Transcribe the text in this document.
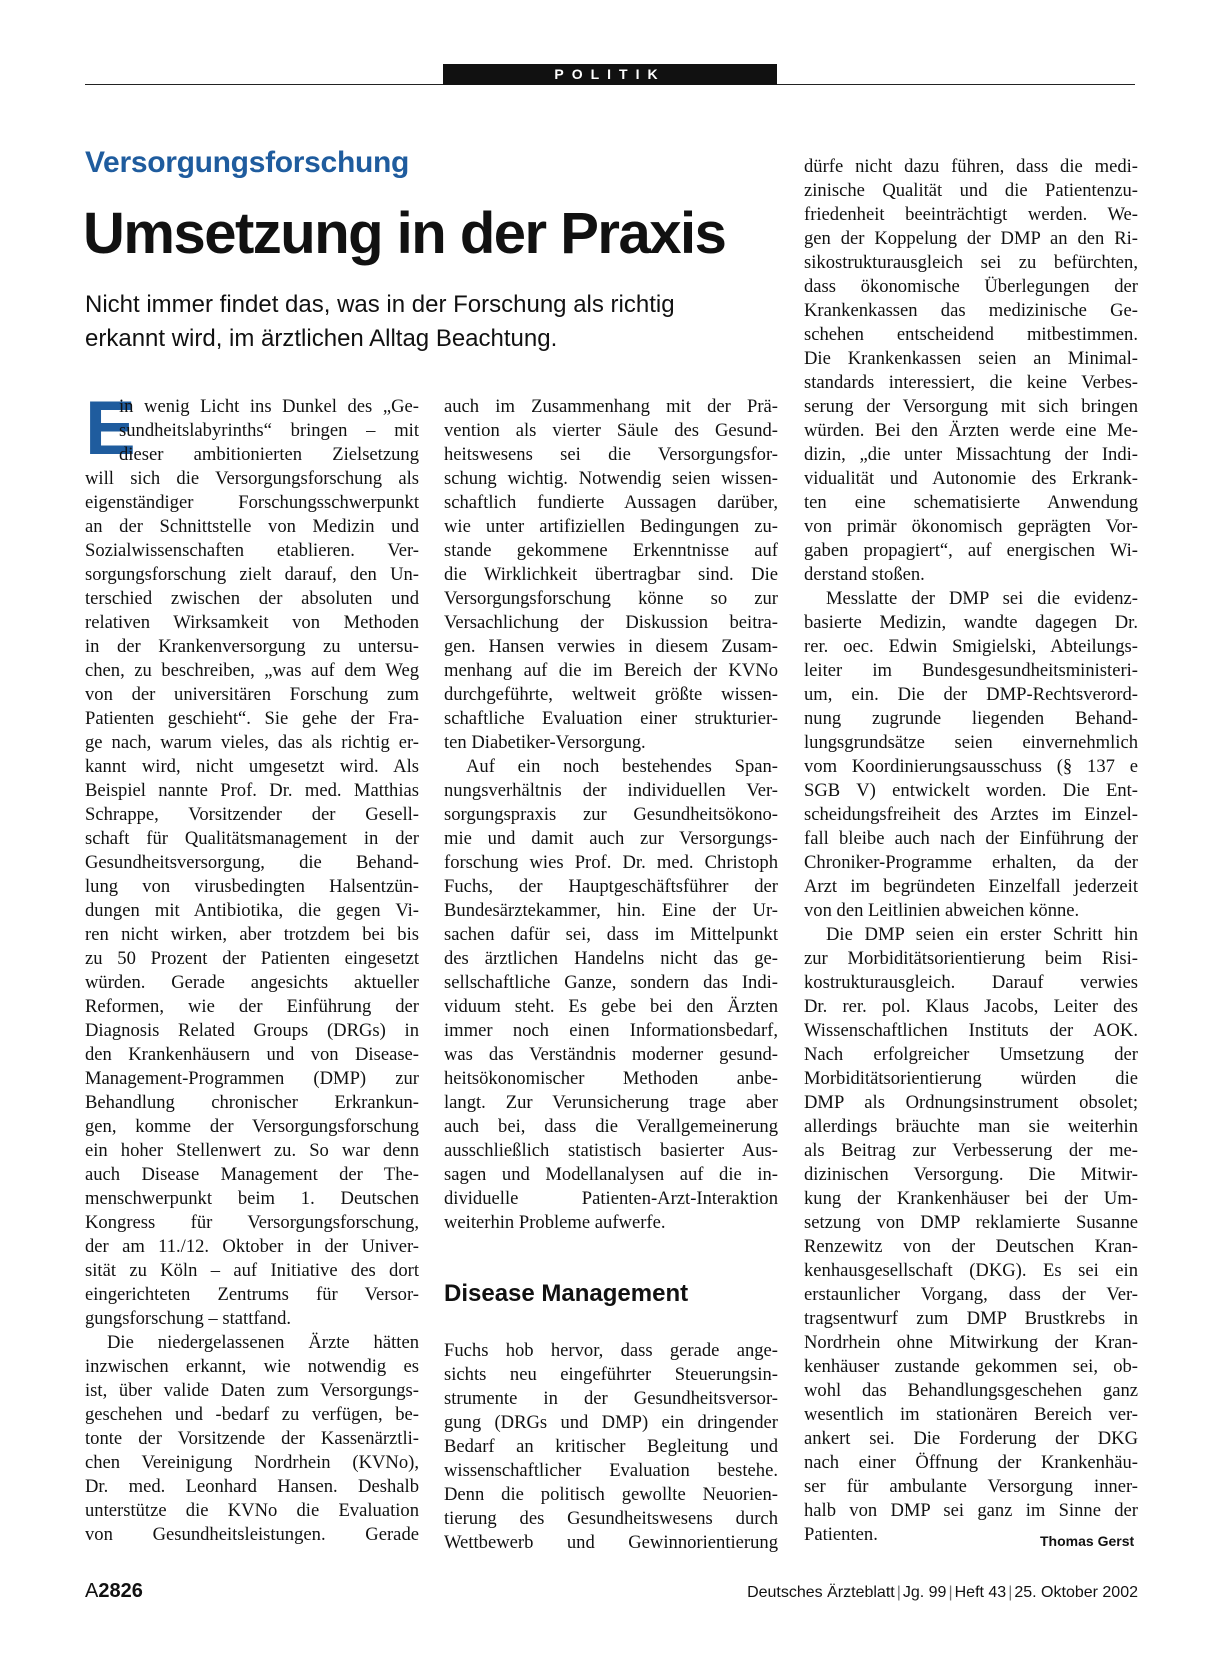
POLITIK
Versorgungsforschung
Umsetzung in der Praxis
Nicht immer findet das, was in der Forschung als richtig
erkannt wird, im ärztlichen Alltag Beachtung.
E
in wenig Licht ins Dunkel des „Ge-
sundheitslabyrinths“ bringen – mit
dieser ambitionierten Zielsetzung
will sich die Versorgungsforschung als
eigenständiger Forschungsschwerpunkt
an der Schnittstelle von Medizin und
Sozialwissenschaften etablieren. Ver-
sorgungsforschung zielt darauf, den Un-
terschied zwischen der absoluten und
relativen Wirksamkeit von Methoden
in der Krankenversorgung zu untersu-
chen, zu beschreiben, „was auf dem Weg
von der universitären Forschung zum
Patienten geschieht“. Sie gehe der Fra-
ge nach, warum vieles, das als richtig er-
kannt wird, nicht umgesetzt wird. Als
Beispiel nannte Prof. Dr. med. Matthias
Schrappe, Vorsitzender der Gesell-
schaft für Qualitätsmanagement in der
Gesundheitsversorgung, die Behand-
lung von virusbedingten Halsentzün-
dungen mit Antibiotika, die gegen Vi-
ren nicht wirken, aber trotzdem bei bis
zu 50 Prozent der Patienten eingesetzt
würden. Gerade angesichts aktueller
Reformen, wie der Einführung der
Diagnosis Related Groups (DRGs) in
den Krankenhäusern und von Disease-
Management-Programmen (DMP) zur
Behandlung chronischer Erkrankun-
gen, komme der Versorgungsforschung
ein hoher Stellenwert zu. So war denn
auch Disease Management der The-
menschwerpunkt beim 1. Deutschen
Kongress für Versorgungsforschung,
der am 11./12. Oktober in der Univer-
sität zu Köln – auf Initiative des dort
eingerichteten Zentrums für Versor-
gungsforschung – stattfand.
Die niedergelassenen Ärzte hätten
inzwischen erkannt, wie notwendig es
ist, über valide Daten zum Versorgungs-
geschehen und -bedarf zu verfügen, be-
tonte der Vorsitzende der Kassenärztli-
chen Vereinigung Nordrhein (KVNo),
Dr. med. Leonhard Hansen. Deshalb
unterstütze die KVNo die Evaluation
von Gesundheitsleistungen. Gerade
auch im Zusammenhang mit der Prä-
vention als vierter Säule des Gesund-
heitswesens sei die Versorgungsfor-
schung wichtig. Notwendig seien wissen-
schaftlich fundierte Aussagen darüber,
wie unter artifiziellen Bedingungen zu-
stande gekommene Erkenntnisse auf
die Wirklichkeit übertragbar sind. Die
Versorgungsforschung könne so zur
Versachlichung der Diskussion beitra-
gen. Hansen verwies in diesem Zusam-
menhang auf die im Bereich der KVNo
durchgeführte, weltweit größte wissen-
schaftliche Evaluation einer strukturier-
ten Diabetiker-Versorgung.
Auf ein noch bestehendes Span-
nungsverhältnis der individuellen Ver-
sorgungspraxis zur Gesundheitsökono-
mie und damit auch zur Versorgungs-
forschung wies Prof. Dr. med. Christoph
Fuchs, der Hauptgeschäftsführer der
Bundesärztekammer, hin. Eine der Ur-
sachen dafür sei, dass im Mittelpunkt
des ärztlichen Handelns nicht das ge-
sellschaftliche Ganze, sondern das Indi-
viduum steht. Es gebe bei den Ärzten
immer noch einen Informationsbedarf,
was das Verständnis moderner gesund-
heitsökonomischer Methoden anbe-
langt. Zur Verunsicherung trage aber
auch bei, dass die Verallgemeinerung
ausschließlich statistisch basierter Aus-
sagen und Modellanalysen auf die in-
dividuelle Patienten-Arzt-Interaktion
weiterhin Probleme aufwerfe.
Disease Management
Fuchs hob hervor, dass gerade ange-
sichts neu eingeführter Steuerungsin-
strumente in der Gesundheitsversor-
gung (DRGs und DMP) ein dringender
Bedarf an kritischer Begleitung und
wissenschaftlicher Evaluation bestehe.
Denn die politisch gewollte Neuorien-
tierung des Gesundheitswesens durch
Wettbewerb und Gewinnorientierung
dürfe nicht dazu führen, dass die medi-
zinische Qualität und die Patientenzu-
friedenheit beeinträchtigt werden. We-
gen der Koppelung der DMP an den Ri-
sikostrukturausgleich sei zu befürchten,
dass ökonomische Überlegungen der
Krankenkassen das medizinische Ge-
schehen entscheidend mitbestimmen.
Die Krankenkassen seien an Minimal-
standards interessiert, die keine Verbes-
serung der Versorgung mit sich bringen
würden. Bei den Ärzten werde eine Me-
dizin, „die unter Missachtung der Indi-
vidualität und Autonomie des Erkrank-
ten eine schematisierte Anwendung
von primär ökonomisch geprägten Vor-
gaben propagiert“, auf energischen Wi-
derstand stoßen.
Messlatte der DMP sei die evidenz-
basierte Medizin, wandte dagegen Dr.
rer. oec. Edwin Smigielski, Abteilungs-
leiter im Bundesgesundheitsministeri-
um, ein. Die der DMP-Rechtsverord-
nung zugrunde liegenden Behand-
lungsgrundsätze seien einvernehmlich
vom Koordinierungsausschuss (§ 137 e
SGB V) entwickelt worden. Die Ent-
scheidungsfreiheit des Arztes im Einzel-
fall bleibe auch nach der Einführung der
Chroniker-Programme erhalten, da der
Arzt im begründeten Einzelfall jederzeit
von den Leitlinien abweichen könne.
Die DMP seien ein erster Schritt hin
zur Morbiditätsorientierung beim Risi-
kostrukturausgleich. Darauf verwies
Dr. rer. pol. Klaus Jacobs, Leiter des
Wissenschaftlichen Instituts der AOK.
Nach erfolgreicher Umsetzung der
Morbiditätsorientierung würden die
DMP als Ordnungsinstrument obsolet;
allerdings bräuchte man sie weiterhin
als Beitrag zur Verbesserung der me-
dizinischen Versorgung. Die Mitwir-
kung der Krankenhäuser bei der Um-
setzung von DMP reklamierte Susanne
Renzewitz von der Deutschen Kran-
kenhausgesellschaft (DKG). Es sei ein
erstaunlicher Vorgang, dass der Ver-
tragsentwurf zum DMP Brustkrebs in
Nordrhein ohne Mitwirkung der Kran-
kenhäuser zustande gekommen sei, ob-
wohl das Behandlungsgeschehen ganz
wesentlich im stationären Bereich ver-
ankert sei. Die Forderung der DKG
nach einer Öffnung der Krankenhäu-
ser für ambulante Versorgung inner-
halb von DMP sei ganz im Sinne der
Patienten.	Thomas Gerst
A2826	Deutsches Ärzteblatt | Jg. 99 | Heft 43 | 25. Oktober 2002
